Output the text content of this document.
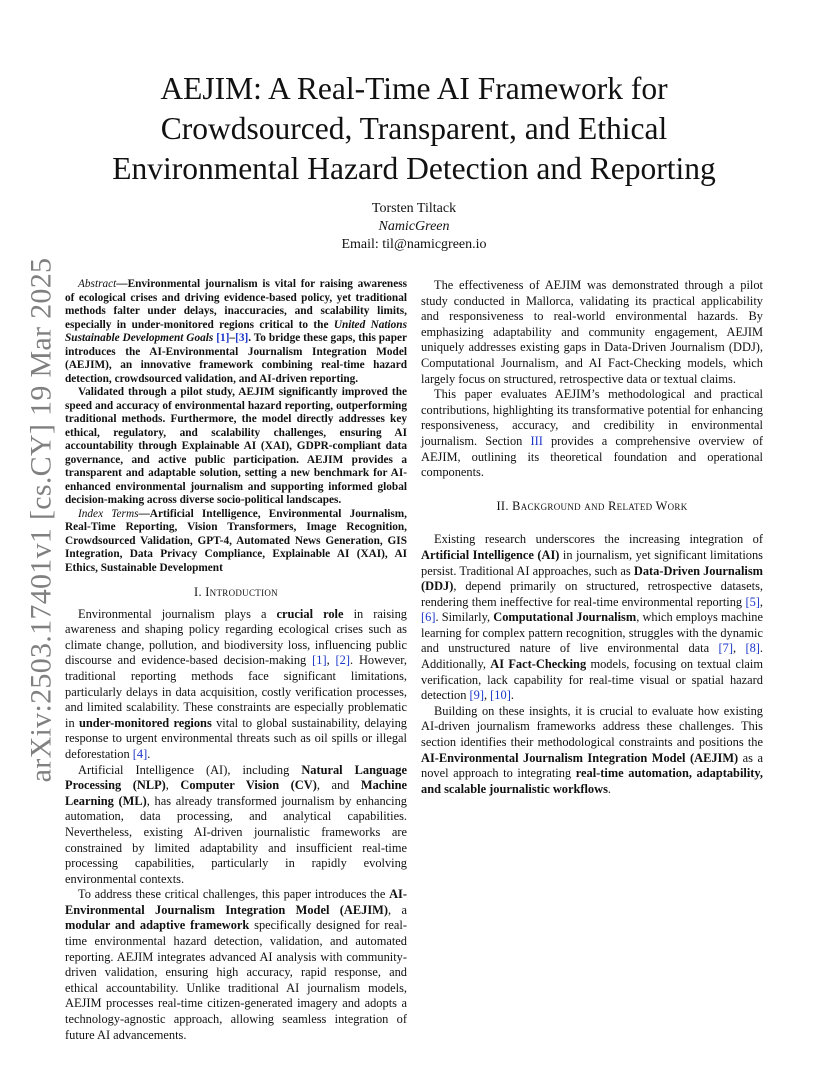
arXiv:2503.17401v1 [cs.CY] 19 Mar 2025
AEJIM: A Real-Time AI Framework for
Crowdsourced, Transparent, and Ethical
Environmental Hazard Detection and Reporting
Torsten Tiltack
NamicGreen
Email: til@namicgreen.io

Abstract—Environmental journalism is vital for raising awareness of ecological crises and driving evidence-based policy, yet traditional methods falter under delays, inaccuracies, and scalability limits, especially in under-monitored regions critical to the United Nations Sustainable Development Goals [1]–[3]. To bridge these gaps, this paper introduces the AI-Environmental Journalism Integration Model (AEJIM), an innovative framework combining real-time hazard detection, crowdsourced validation, and AI-driven reporting.

Validated through a pilot study, AEJIM significantly improved the speed and accuracy of environmental hazard reporting, outperforming traditional methods. Furthermore, the model directly addresses key ethical, regulatory, and scalability challenges, ensuring AI accountability through Explainable AI (XAI), GDPR-compliant data governance, and active public participation. AEJIM provides a transparent and adaptable solution, setting a new benchmark for AI-enhanced environmental journalism and supporting informed global decision-making across diverse socio-political landscapes.

Index Terms—Artificial Intelligence, Environmental Journalism, Real-Time Reporting, Vision Transformers, Image Recognition, Crowdsourced Validation, GPT-4, Automated News Generation, GIS Integration, Data Privacy Compliance, Explainable AI (XAI), AI Ethics, Sustainable Development

I. Introduction

Environmental journalism plays a crucial role in raising awareness and shaping policy regarding ecological crises such as climate change, pollution, and biodiversity loss, influencing public discourse and evidence-based decision-making [1], [2]. However, traditional reporting methods face significant limitations, particularly delays in data acquisition, costly verification processes, and limited scalability. These constraints are especially problematic in under-monitored regions vital to global sustainability, delaying response to urgent environmental threats such as oil spills or illegal deforestation [4].

Artificial Intelligence (AI), including Natural Language Processing (NLP), Computer Vision (CV), and Machine Learning (ML), has already transformed journalism by enhancing automation, data processing, and analytical capabilities. Nevertheless, existing AI-driven journalistic frameworks are constrained by limited adaptability and insufficient real-time processing capabilities, particularly in rapidly evolving environmental contexts.

To address these critical challenges, this paper introduces the AI-Environmental Journalism Integration Model (AEJIM), a modular and adaptive framework specifically designed for real-time environmental hazard detection, validation, and automated reporting. AEJIM integrates advanced AI analysis with community-driven validation, ensuring high accuracy, rapid response, and ethical accountability. Unlike traditional AI journalism models, AEJIM processes real-time citizen-generated imagery and adopts a technology-agnostic approach, allowing seamless integration of future AI advancements.

The effectiveness of AEJIM was demonstrated through a pilot study conducted in Mallorca, validating its practical applicability and responsiveness to real-world environmental hazards. By emphasizing adaptability and community engagement, AEJIM uniquely addresses existing gaps in Data-Driven Journalism (DDJ), Computational Journalism, and AI Fact-Checking models, which largely focus on structured, retrospective data or textual claims.

This paper evaluates AEJIM’s methodological and practical contributions, highlighting its transformative potential for enhancing responsiveness, accuracy, and credibility in environmental journalism. Section III provides a comprehensive overview of AEJIM, outlining its theoretical foundation and operational components.

II. Background and Related Work

Existing research underscores the increasing integration of Artificial Intelligence (AI) in journalism, yet significant limitations persist. Traditional AI approaches, such as Data-Driven Journalism (DDJ), depend primarily on structured, retrospective datasets, rendering them ineffective for real-time environmental reporting [5], [6]. Similarly, Computational Journalism, which employs machine learning for complex pattern recognition, struggles with the dynamic and unstructured nature of live environmental data [7], [8]. Additionally, AI Fact-Checking models, focusing on textual claim verification, lack capability for real-time visual or spatial hazard detection [9], [10].

Building on these insights, it is crucial to evaluate how existing AI-driven journalism frameworks address these challenges. This section identifies their methodological constraints and positions the AI-Environmental Journalism Integration Model (AEJIM) as a novel approach to integrating real-time automation, adaptability, and scalable journalistic workflows.
